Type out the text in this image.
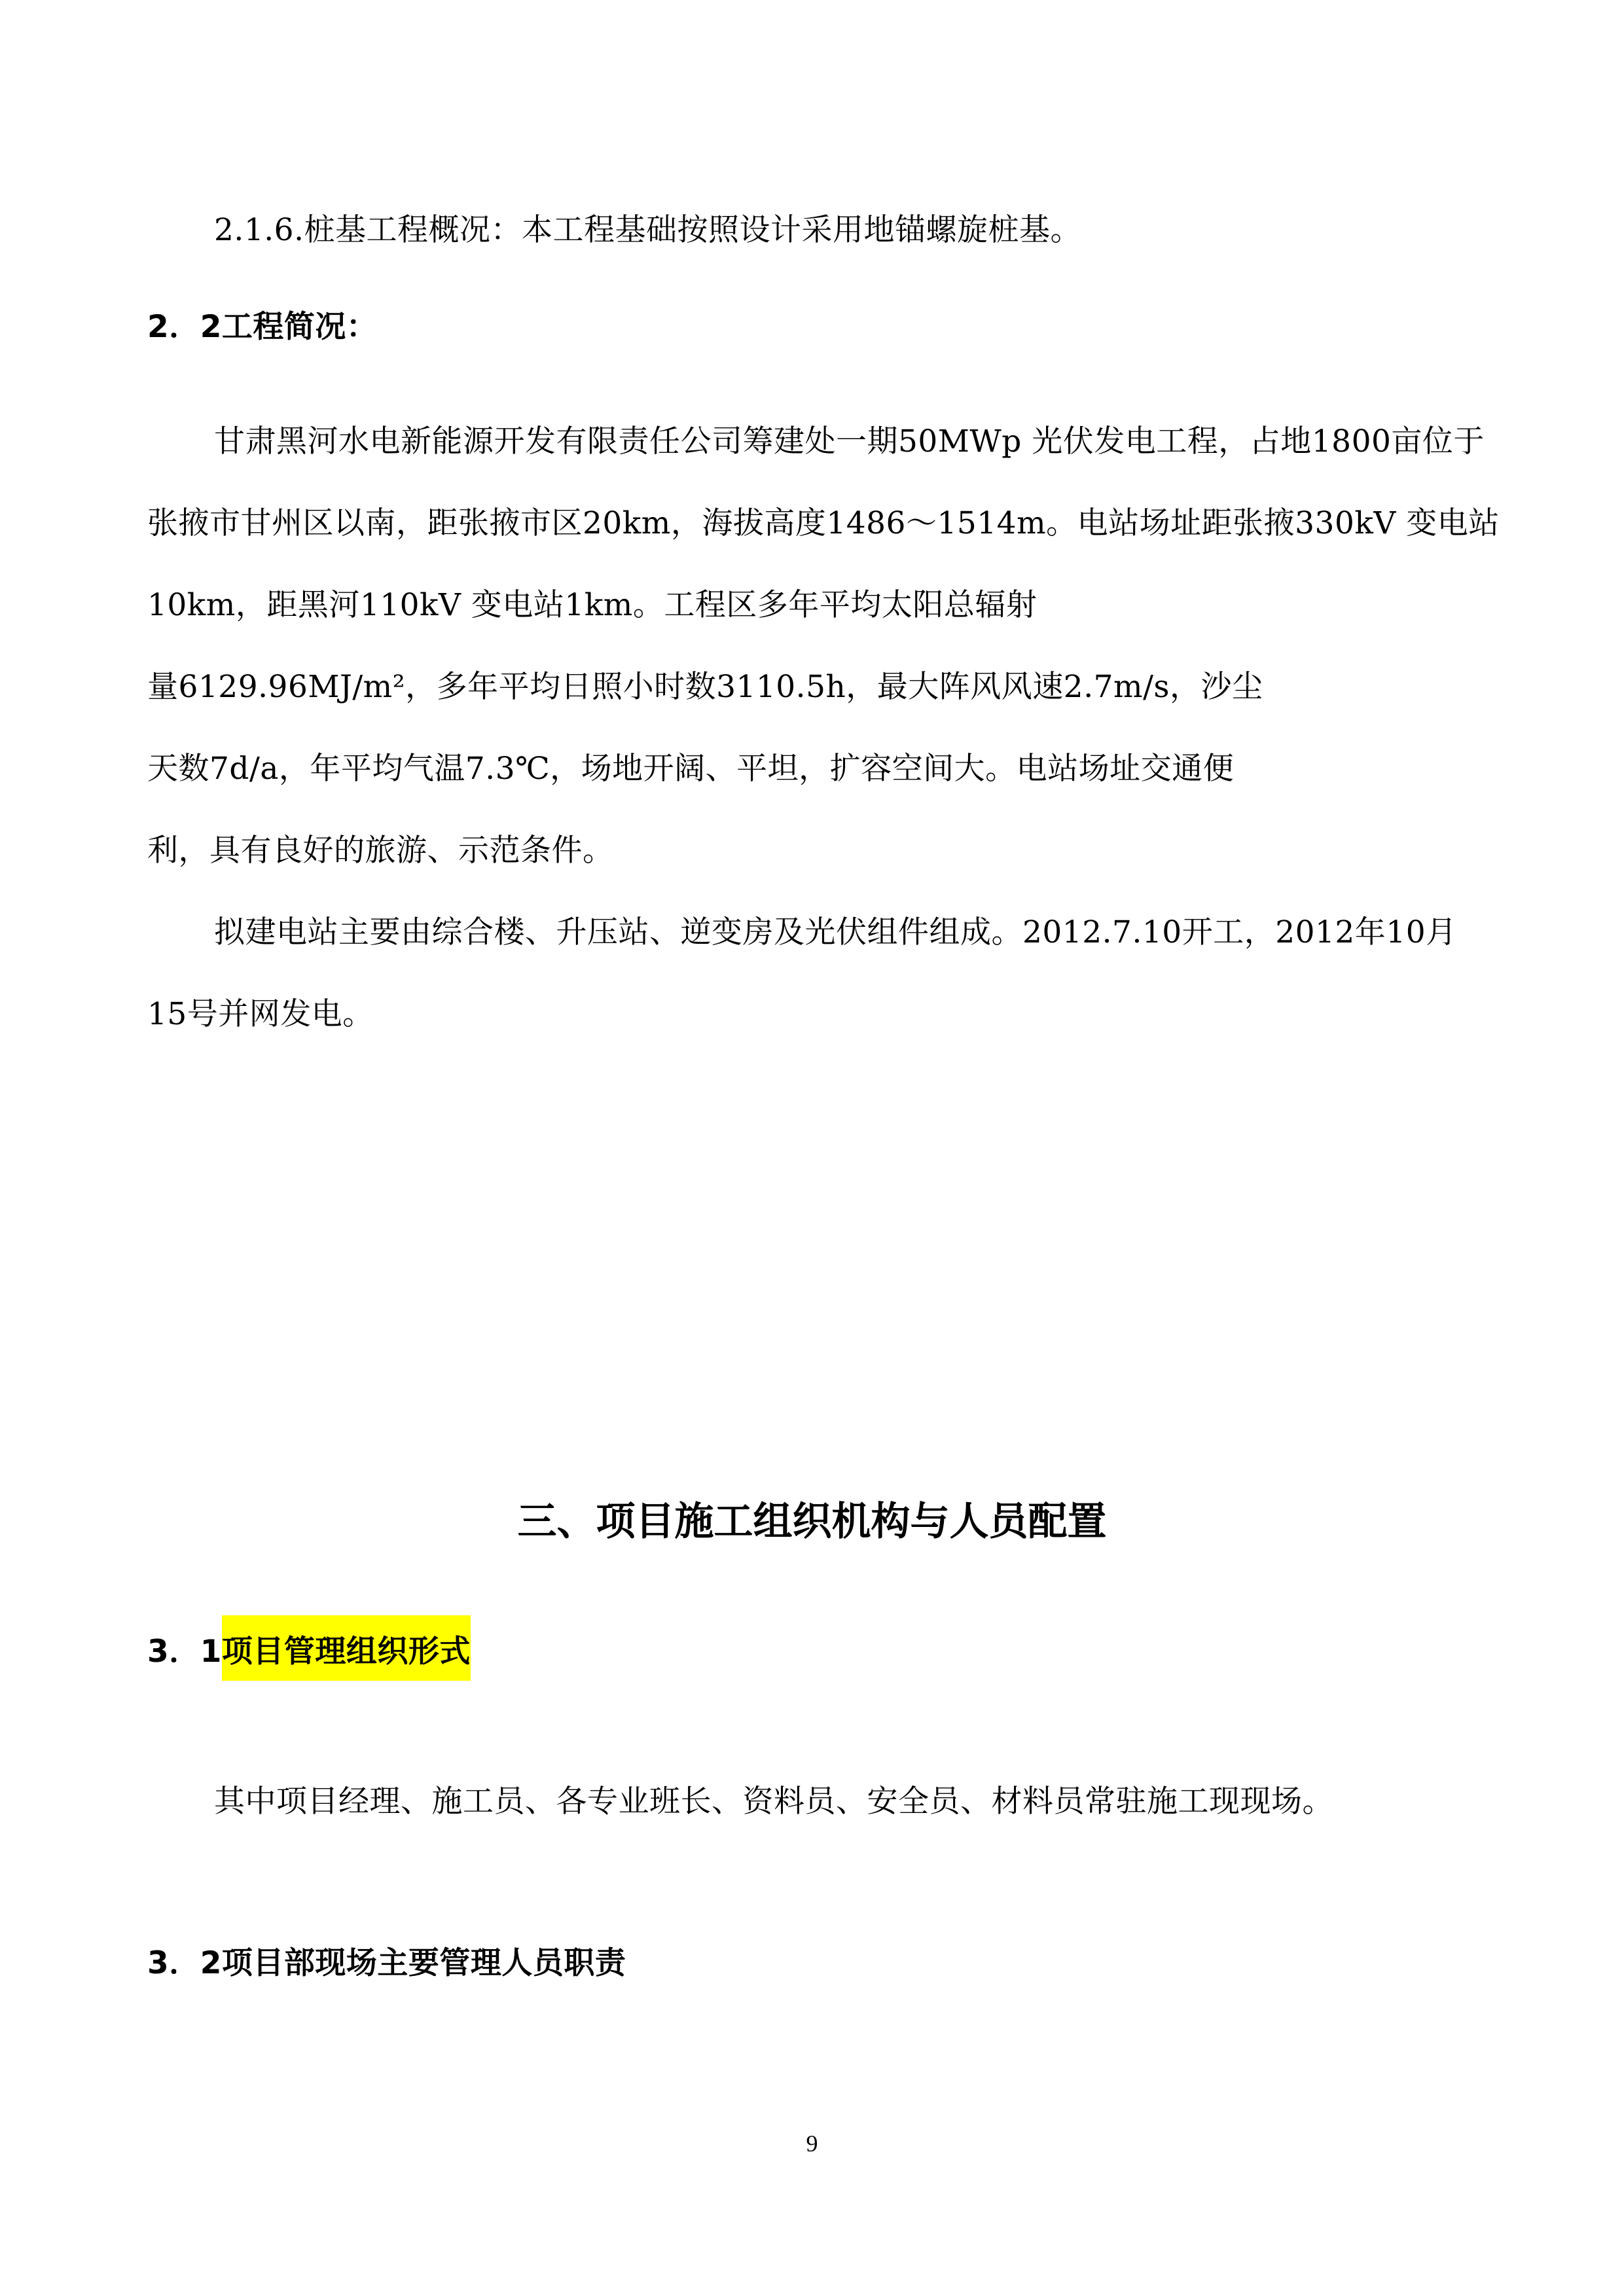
2.1.6.桩基工程概况：本工程基础按照设计采用地锚螺旋桩基。
2．2工程简况：
甘肃黑河水电新能源开发有限责任公司筹建处一期50MWp 光伏发电工程，占地1800亩位于
张掖市甘州区以南，距张掖市区20km，海拔高度1486～1514m。电站场址距张掖330kV 变电站
10km，距黑河110kV 变电站1km。工程区多年平均太阳总辐射
量6129.96MJ/m²，多年平均日照小时数3110.5h，最大阵风风速2.7m/s，沙尘
天数7d/a，年平均气温7.3℃，场地开阔、平坦，扩容空间大。电站场址交通便
利，具有良好的旅游、示范条件。
拟建电站主要由综合楼、升压站、逆变房及光伏组件组成。2012.7.10开工，2012年10月
15号并网发电。
三、项目施工组织机构与人员配置
3．1项目管理组织形式
其中项目经理、施工员、各专业班长、资料员、安全员、材料员常驻施工现现场。
3．2项目部现场主要管理人员职责
9
